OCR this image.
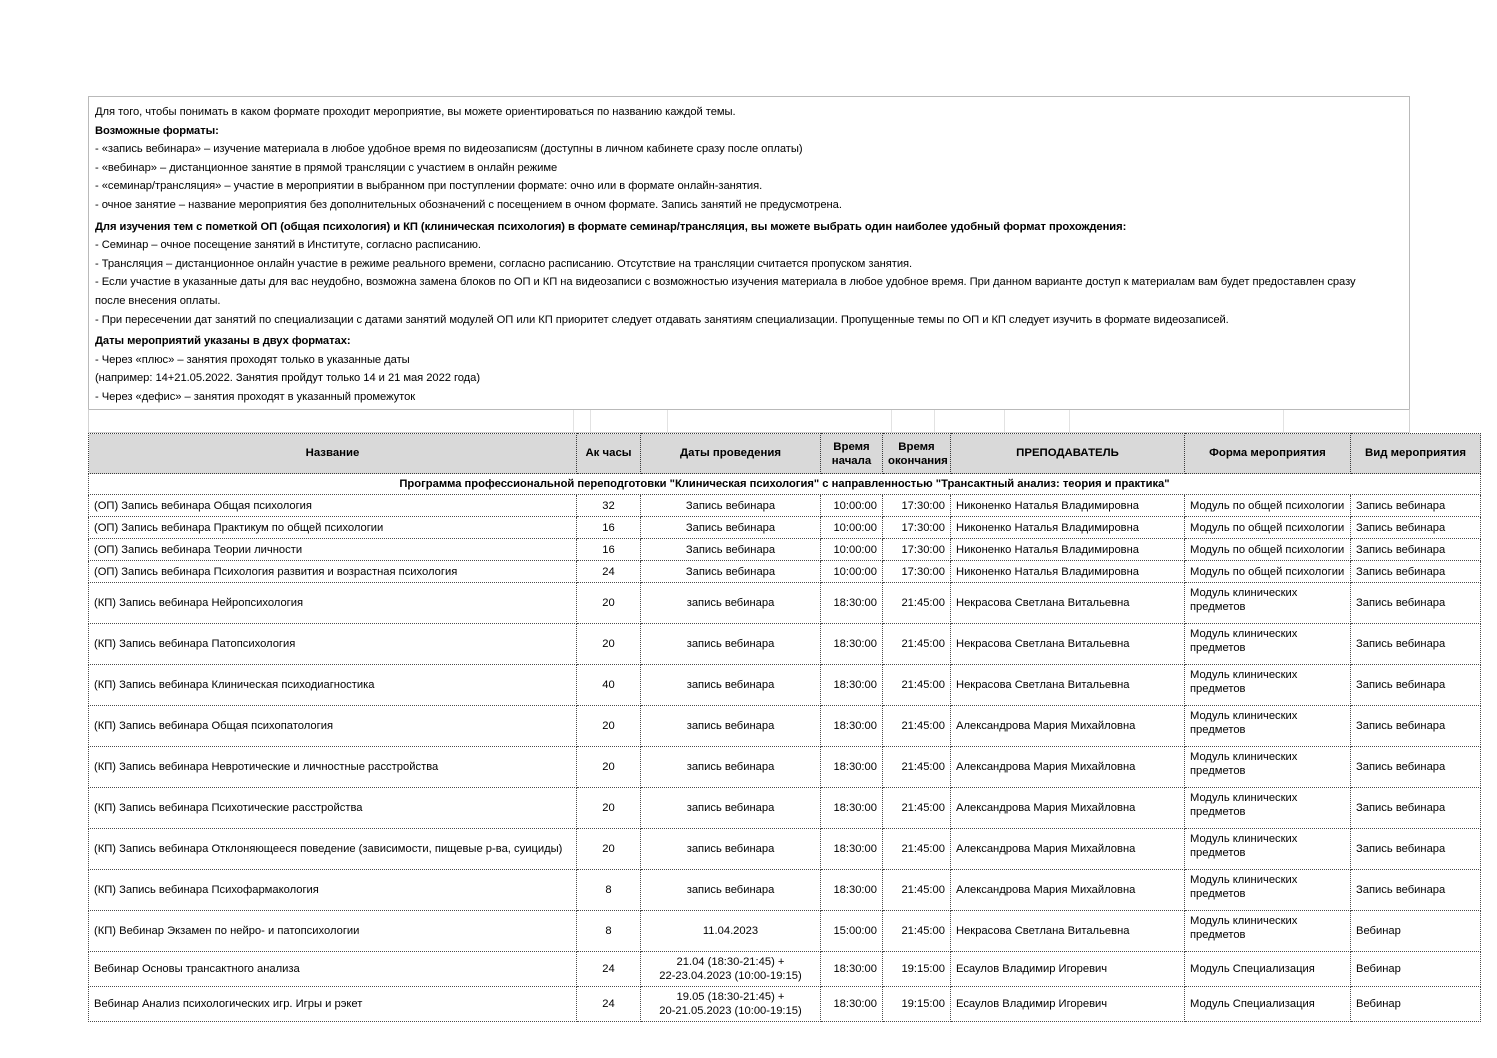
Для того, чтобы понимать в каком формате проходит мероприятие, вы можете ориентироваться по названию каждой темы.
Возможные форматы:
- «запись вебинара» – изучение материала в любое удобное время по видеозаписям (доступны в личном кабинете сразу после оплаты)
- «вебинар» – дистанционное занятие в прямой трансляции с участием в онлайн режиме
- «семинар/трансляция» – участие в мероприятии в выбранном при поступлении формате: очно или в формате онлайн-занятия.
- очное занятие – название мероприятия без дополнительных обозначений с посещением в очном формате. Запись занятий не предусмотрена.
Для изучения тем с пометкой ОП (общая психология) и КП (клиническая психология) в формате семинар/трансляция, вы можете выбрать один наиболее удобный формат прохождения:
- Семинар – очное посещение занятий в Институте, согласно расписанию.
- Трансляция – дистанционное онлайн участие в режиме реального времени, согласно расписанию. Отсутствие на трансляции считается пропуском занятия.
- Если участие в указанные даты для вас неудобно, возможна замена блоков по ОП и КП на видеозаписи с возможностью изучения материала в любое удобное время. При данном варианте доступ к материалам вам будет предоставлен сразу
после внесения оплаты.
- При пересечении дат занятий по специализации с датами занятий модулей ОП или КП приоритет следует отдавать занятиям специализации. Пропущенные темы по ОП и КП следует изучить в формате видеозаписей.
Даты мероприятий указаны в двух форматах:
- Через «плюс» – занятия проходят только в указанные даты
(например: 14+21.05.2022. Занятия пройдут только 14 и 21 мая 2022 года)
- Через «дефис» – занятия проходят в указанный промежуток
Программа профессиональной переподготовки "Клиническая психология" с направленностью "Трансактный анализ: теория и практика"							
Название	Ак часы	Даты проведения	Время
начала	Время
окончания	ПРЕПОДАВАТЕЛЬ	Форма мероприятия	Вид мероприятия
(ОП) Запись вебинара Общая психология	32	Запись вебинара	10:00:00	17:30:00	Никоненко Наталья Владимировна	Модуль по общей психологии	Запись вебинара
(ОП) Запись вебинара Практикум по общей психологии	16	Запись вебинара	10:00:00	17:30:00	Никоненко Наталья Владимировна	Модуль по общей психологии	Запись вебинара
(ОП) Запись вебинара Теории личности	16	Запись вебинара	10:00:00	17:30:00	Никоненко Наталья Владимировна	Модуль по общей психологии	Запись вебинара
(ОП) Запись вебинара Психология развития и возрастная психология	24	Запись вебинара	10:00:00	17:30:00	Никоненко Наталья Владимировна	Модуль по общей психологии	Запись вебинара
(КП) Запись вебинара Нейропсихология	20	запись вебинара	18:30:00	21:45:00	Некрасова Светлана Витальевна	Модуль клинических
предметов	Запись вебинара
(КП) Запись вебинара Патопсихология	20	запись вебинара	18:30:00	21:45:00	Некрасова Светлана Витальевна	Модуль клинических
предметов	Запись вебинара
(КП) Запись вебинара Клиническая психодиагностика	40	запись вебинара	18:30:00	21:45:00	Некрасова Светлана Витальевна	Модуль клинических
предметов	Запись вебинара
(КП) Запись вебинара Общая психопатология	20	запись вебинара	18:30:00	21:45:00	Александрова Мария Михайловна	Модуль клинических
предметов	Запись вебинара
(КП) Запись вебинара Невротические и личностные расстройства	20	запись вебинара	18:30:00	21:45:00	Александрова Мария Михайловна	Модуль клинических
предметов	Запись вебинара
(КП) Запись вебинара Психотические расстройства	20	запись вебинара	18:30:00	21:45:00	Александрова Мария Михайловна	Модуль клинических
предметов	Запись вебинара
(КП) Запись вебинара Отклоняющееся поведение (зависимости, пищевые р-ва, суициды)	20	запись вебинара	18:30:00	21:45:00	Александрова Мария Михайловна	Модуль клинических
предметов	Запись вебинара
(КП) Запись вебинара Психофармакология	8	запись вебинара	18:30:00	21:45:00	Александрова Мария Михайловна	Модуль клинических
предметов	Запись вебинара
(КП) Вебинар Экзамен по нейро- и патопсихологии	8	11.04.2023	15:00:00	21:45:00	Некрасова Светлана Витальевна	Модуль клинических
предметов	Вебинар
Вебинар Основы трансактного анализа	24	21.04 (18:30-21:45) +
22-23.04.2023 (10:00-19:15)	18:30:00	19:15:00	Есаулов Владимир Игоревич	Модуль Специализация	Вебинар
Вебинар Анализ психологических игр. Игры и рэкет	24	19.05 (18:30-21:45) +
20-21.05.2023 (10:00-19:15)	18:30:00	19:15:00	Есаулов Владимир Игоревич	Модуль Специализация	Вебинар
